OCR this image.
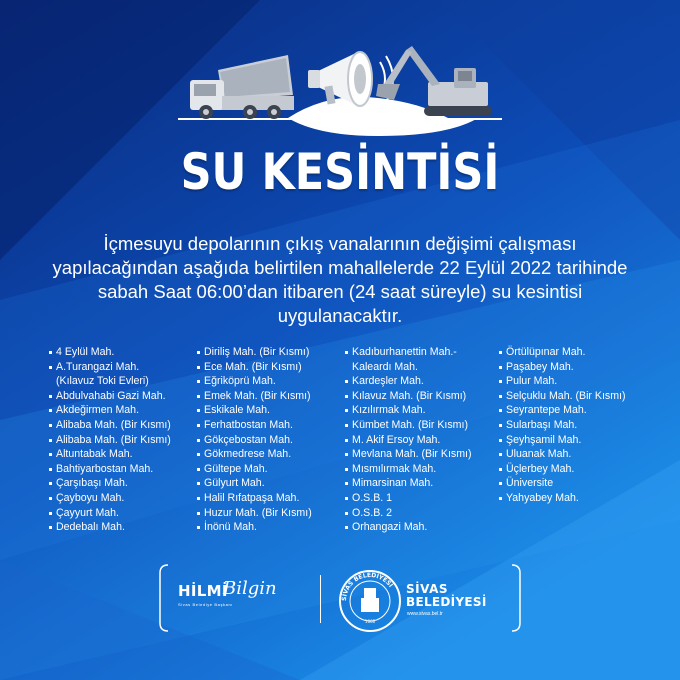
SU KESİNTİSİ
İçmesuyu depolarının çıkış vanalarının değişimi çalışması yapılacağından aşağıda belirtilen mahallelerde 22 Eylül 2022 tarihinde sabah Saat 06:00’dan itibaren (24 saat süreyle) su kesintisi uygulanacaktır.
4 Eylül Mah.
A.Turangazi Mah.
(Kılavuz Toki Evleri)
Abdulvahabi Gazi Mah.
Akdeğirmen Mah.
Alibaba Mah. (Bir Kısmı)
Alibaba Mah. (Bir Kısmı)
Altuntabak Mah.
Bahtiyarbostan Mah.
Çarşıbaşı Mah.
Çayboyu Mah.
Çayyurt Mah.
Dedebalı Mah.
Diriliş Mah. (Bir Kısmı)
Ece Mah. (Bir Kısmı)
Eğriköprü Mah.
Emek Mah. (Bir Kısmı)
Eskikale Mah.
Ferhatbostan Mah.
Gökçebostan Mah.
Gökmedrese Mah.
Gültepe Mah.
Gülyurt Mah.
Halil Rıfatpaşa Mah.
Huzur Mah. (Bir Kısmı)
İnönü Mah.
Kadıburhanettin Mah.-
Kaleardı Mah.
Kardeşler Mah.
Kılavuz Mah. (Bir Kısmı)
Kızılırmak Mah.
Kümbet Mah. (Bir Kısmı)
M. Akif Ersoy Mah.
Mevlana Mah. (Bir Kısmı)
Mısmılırmak Mah.
Mimarsinan Mah.
O.S.B. 1
O.S.B. 2
Orhangazi Mah.
Örtülüpınar Mah.
Paşabey Mah.
Pulur Mah.
Selçuklu Mah. (Bir Kısmı)
Seyrantepe Mah.
Sularbaşı Mah.
Şeyhşamil Mah.
Uluanak Mah.
Üçlerbey Mah.
Üniversite
Yahyabey Mah.
HİLMİ
Bilgin
Sivas Belediye Başkanı
SİVAS BELEDİYESİ
1868
SİVAS
BELEDİYESİ
www.sivas.bel.tr
